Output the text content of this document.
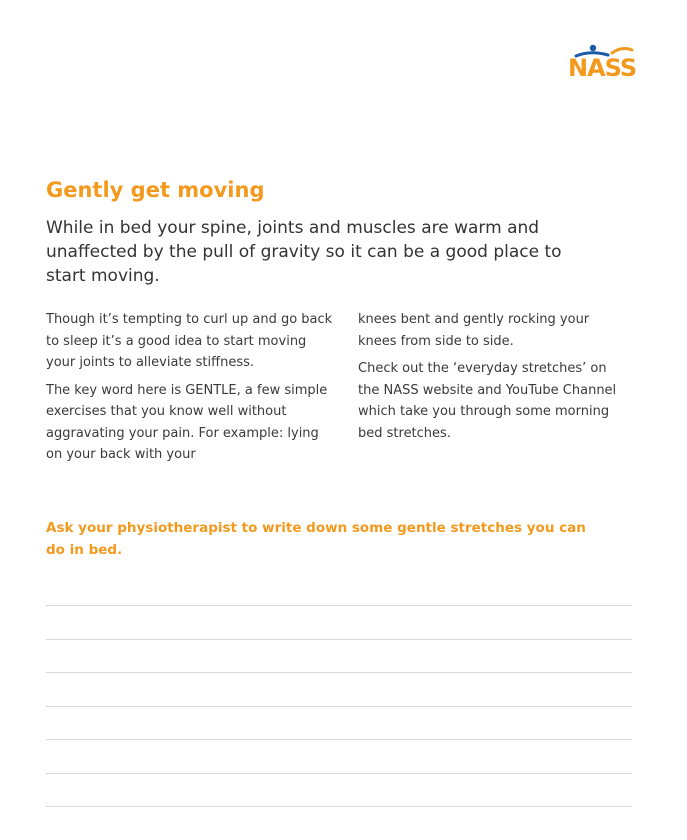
NASS
Gently get moving

While in bed your spine, joints and muscles are warm and unaffected by the pull of gravity so it can be a good place to start moving.

Though it’s tempting to curl up and go back to sleep it’s a good idea to start moving your joints to alleviate stiffness.

The key word here is GENTLE, a few simple exercises that you know well without aggravating your pain. For example: lying on your back with your

knees bent and gently rocking your knees from side to side.

Check out the ‘everyday stretches’ on the NASS website and YouTube Channel which take you through some morning bed stretches.

Ask your physiotherapist to write down some gentle stretches you can do in bed.
